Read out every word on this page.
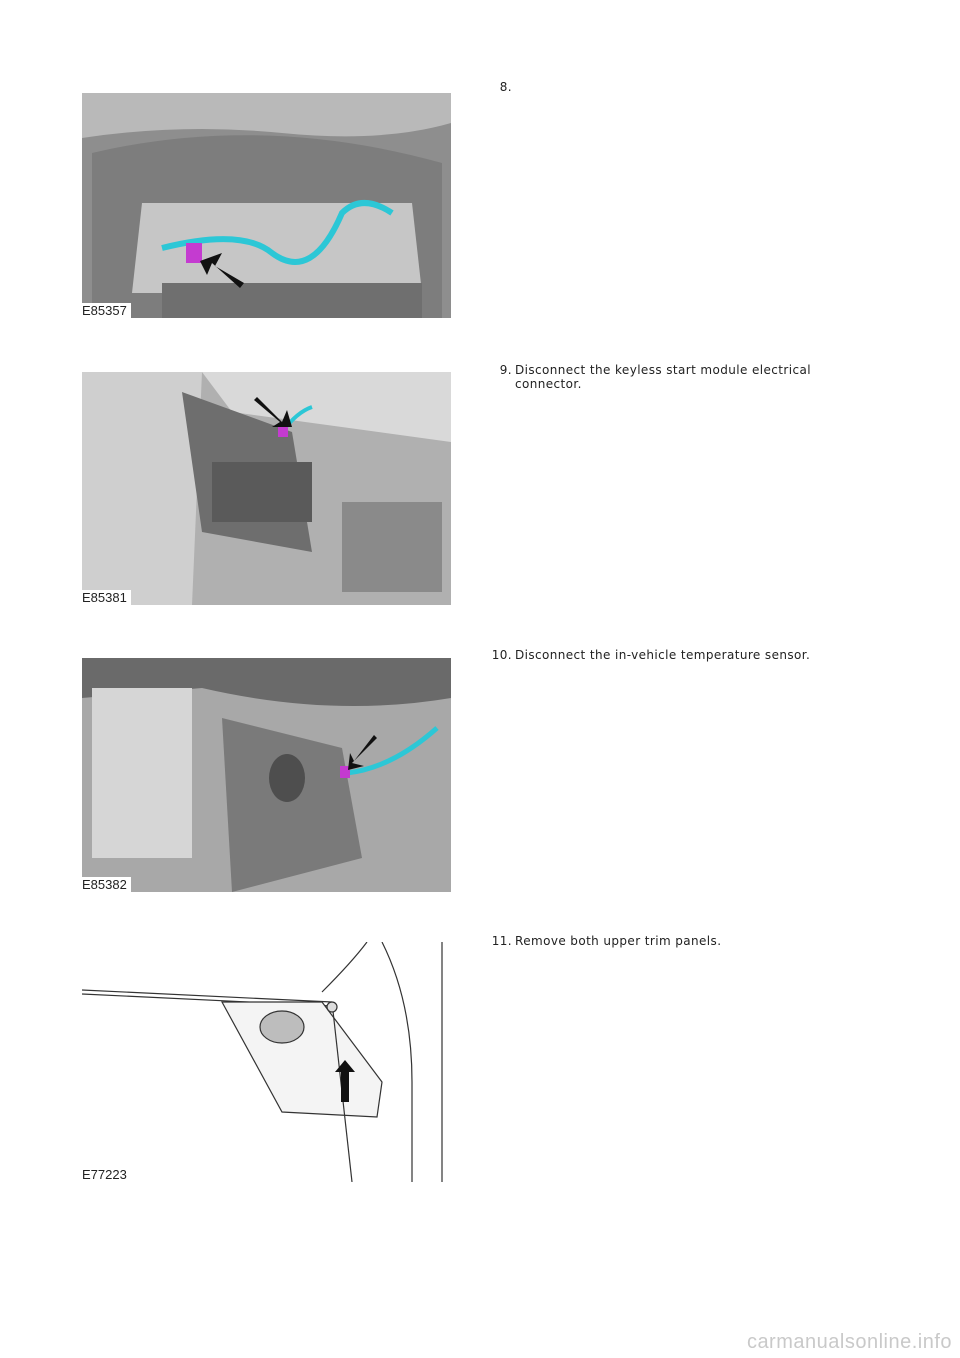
E85357
8.
E85381
9. Disconnect the keyless start module electrical connector.
E85382
10. Disconnect the in-vehicle temperature sensor.
E77223
11. Remove both upper trim panels.
carmanualsonline.info
